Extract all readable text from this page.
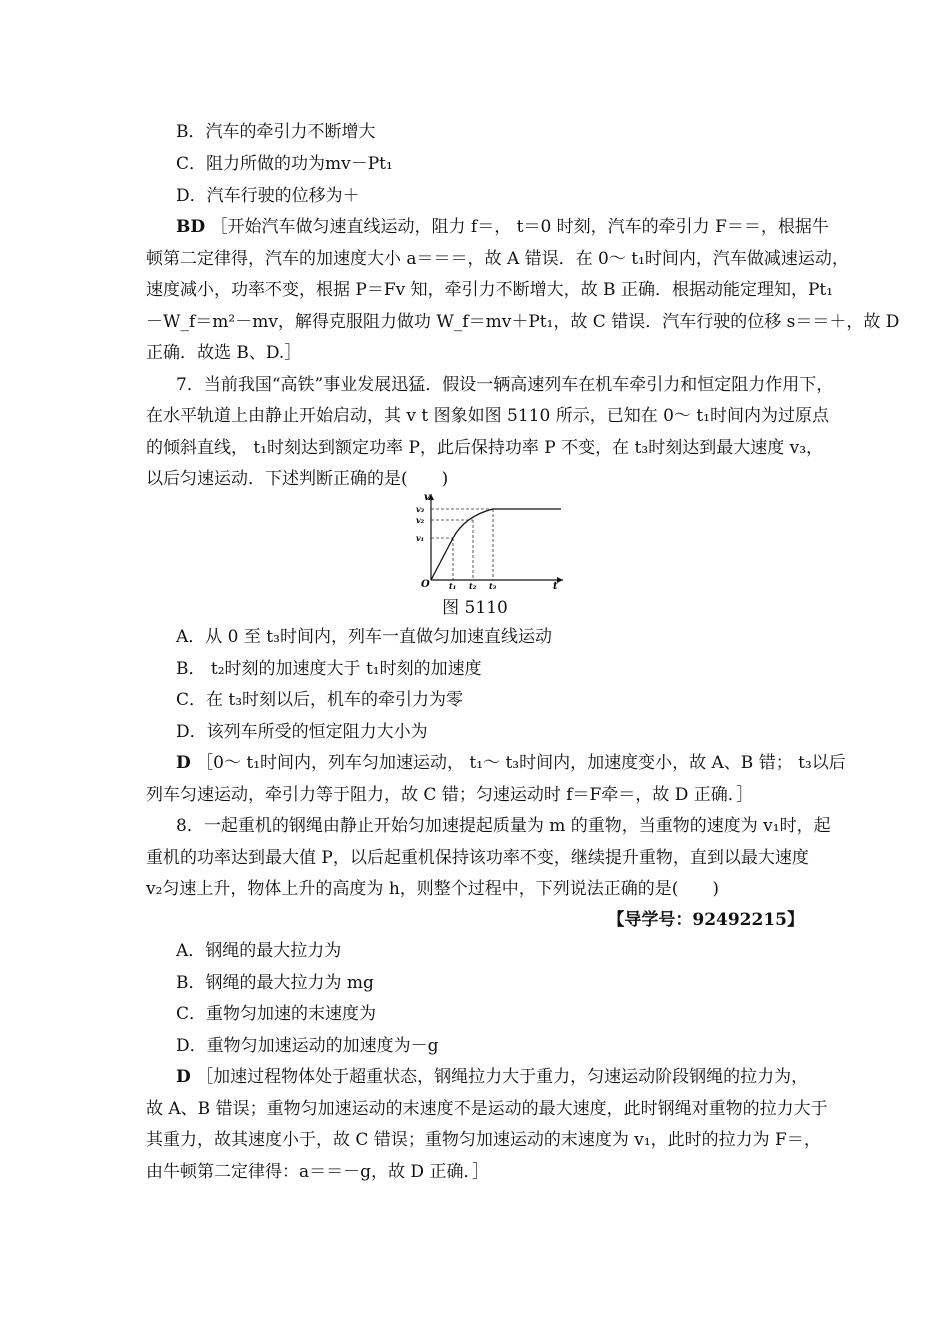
B．汽车的牵引力不断增大
C．阻力所做的功为mv－Pt₁
D．汽车行驶的位移为＋
BD ［开始汽车做匀速直线运动，阻力 f＝， t＝0 时刻，汽车的牵引力 F＝＝，根据牛
顿第二定律得，汽车的加速度大小 a＝＝＝，故 A 错误．在 0～ t₁时间内，汽车做减速运动，
速度减小，功率不变，根据 P＝Fv 知，牵引力不断增大，故 B 正确．根据动能定理知，Pt₁
－W_f＝m²－mv，解得克服阻力做功 W_f＝mv＋Pt₁，故 C 错误．汽车行驶的位移 s＝＝＋，故 D
正确．故选 B、D.］
7．当前我国“高铁”事业发展迅猛．假设一辆高速列车在机车牵引力和恒定阻力作用下，
在水平轨道上由静止开始启动，其 v t 图象如图 5110 所示，已知在 0～ t₁时间内为过原点
的倾斜直线， t₁时刻达到额定功率 P，此后保持功率 P 不变，在 t₃时刻达到最大速度 v₃，
以后匀速运动．下述判断正确的是(　　)
v
t
O
v₃
v₂
v₁
t₁ t₂ t₃
图 5110
A．从 0 至 t₃时间内，列车一直做匀加速直线运动
B． t₂时刻的加速度大于 t₁时刻的加速度
C．在 t₃时刻以后，机车的牵引力为零
D．该列车所受的恒定阻力大小为
D ［0～ t₁时间内，列车匀加速运动， t₁～ t₃时间内，加速度变小，故 A、B 错； t₃以后
列车匀速运动，牵引力等于阻力，故 C 错；匀速运动时 f＝F牵＝，故 D 正确．］
8．一起重机的钢绳由静止开始匀加速提起质量为 m 的重物，当重物的速度为 v₁时，起
重机的功率达到最大值 P，以后起重机保持该功率不变，继续提升重物，直到以最大速度
v₂匀速上升，物体上升的高度为 h，则整个过程中，下列说法正确的是(　　)
【导学号：92492215】
A．钢绳的最大拉力为
B．钢绳的最大拉力为 mg
C．重物匀加速的末速度为
D．重物匀加速运动的加速度为－g
D ［加速过程物体处于超重状态，钢绳拉力大于重力，匀速运动阶段钢绳的拉力为，
故 A、B 错误；重物匀加速运动的末速度不是运动的最大速度，此时钢绳对重物的拉力大于
其重力，故其速度小于，故 C 错误；重物匀加速运动的末速度为 v₁，此时的拉力为 F＝，
由牛顿第二定律得：a＝＝－g，故 D 正确．］
